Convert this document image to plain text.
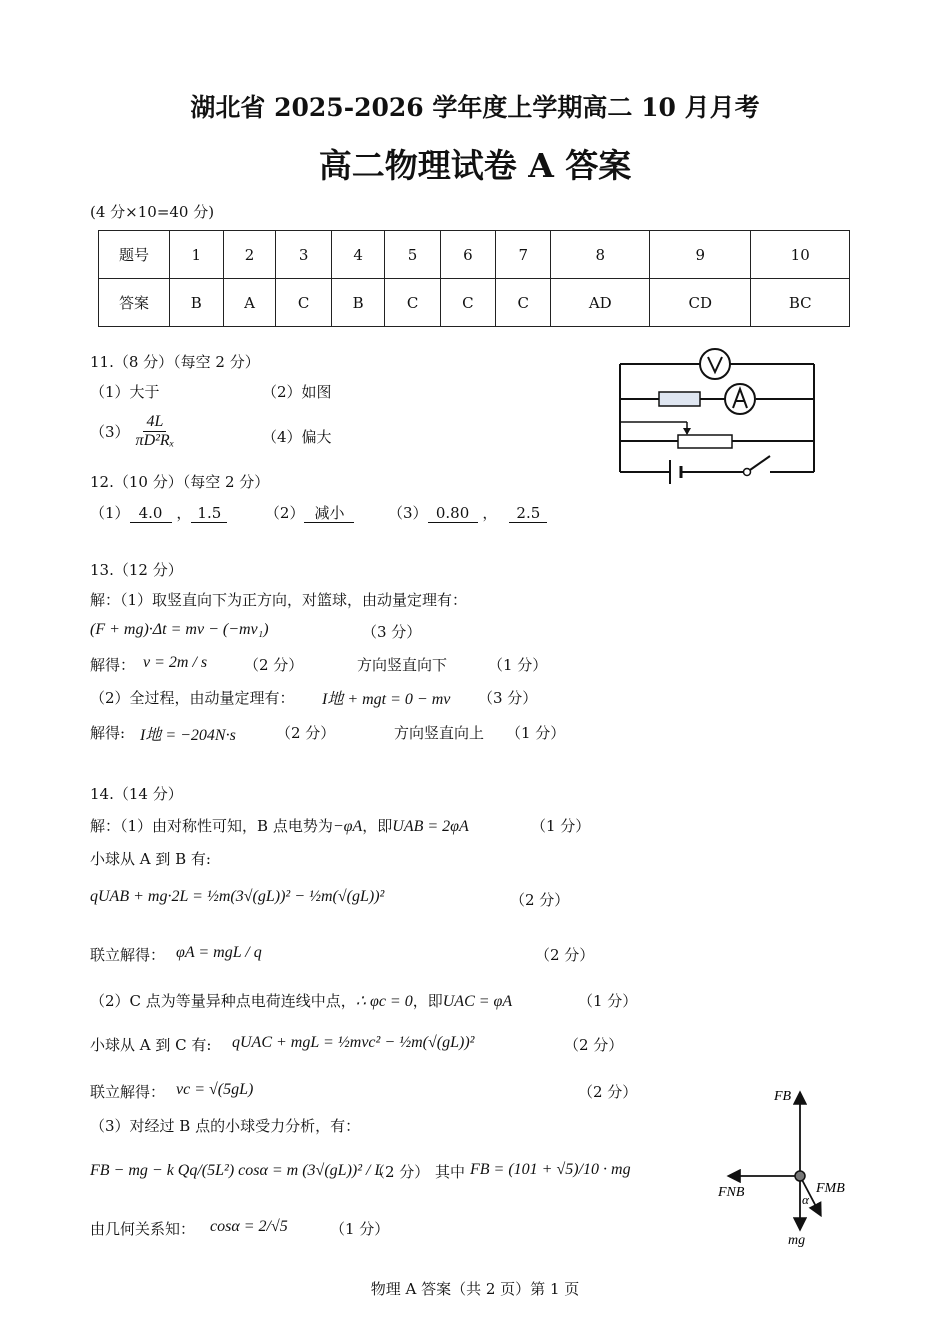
湖北省 2025-2026 学年度上学期高二 10 月月考
高二物理试卷 A 答案
(4 分×10=40 分)
题号	1	2	3	4	5	6	7	8	9	10
答案	B	A	C	B	C	C	C	AD	CD	BC
11.（8 分）（每空 2 分）
（1）大于	（2）如图
$(3) \frac{4L}{\text{πD²Rₓ}}$	（4）偏大
12.（10 分）（每空 2 分）
（1） 4.0 ， 1.5	（2） 减小	（3） 0.80 ， 2.5
13.（12 分）
解：（1）取竖直向下为正方向，对篮球，由动量定理有：
(F + mg)·Δt = mv − (−mv₁)	（3 分）
解得： v = 2m / s （2 分）	方向竖直向下	（1 分）
（2）全过程，由动量定理有： I地 + mgt = 0 − mv （3 分）
解得: I地 = −204N·s	（2 分）	方向竖直向上 （1 分）
14.（14 分）
解：（1）由对称性可知，B 点电势为−φA，即UAB = 2φA	（1 分）
小球从 A 到 B 有:
qUAB + mg·2L = ½m(3√(gL))² − ½m(√(gL))²	（2 分）
联立解得： φA = mgL / q	（2 分）
（2）C 点为等量异种点电荷连线中点，∴ φc = 0，即UAC = φA	（1 分）
小球从 A 到 C 有: qUAC + mgL = ½mvc² − ½m(√(gL))²	（2 分）
联立解得： vc = √(5gL)	（2 分）
（3）对经过 B 点的小球受力分析，有：
FB − mg − k Qq/(5L²) cosα = m (3√(gL))² / L
（2 分） 其中 FB = (101 + √5)/10 · mg
由几何关系知： cosα = 2/√5	（1 分）
FB
FNB	FMB
α
mg
物理 A 答案（共 2 页）第 1 页
